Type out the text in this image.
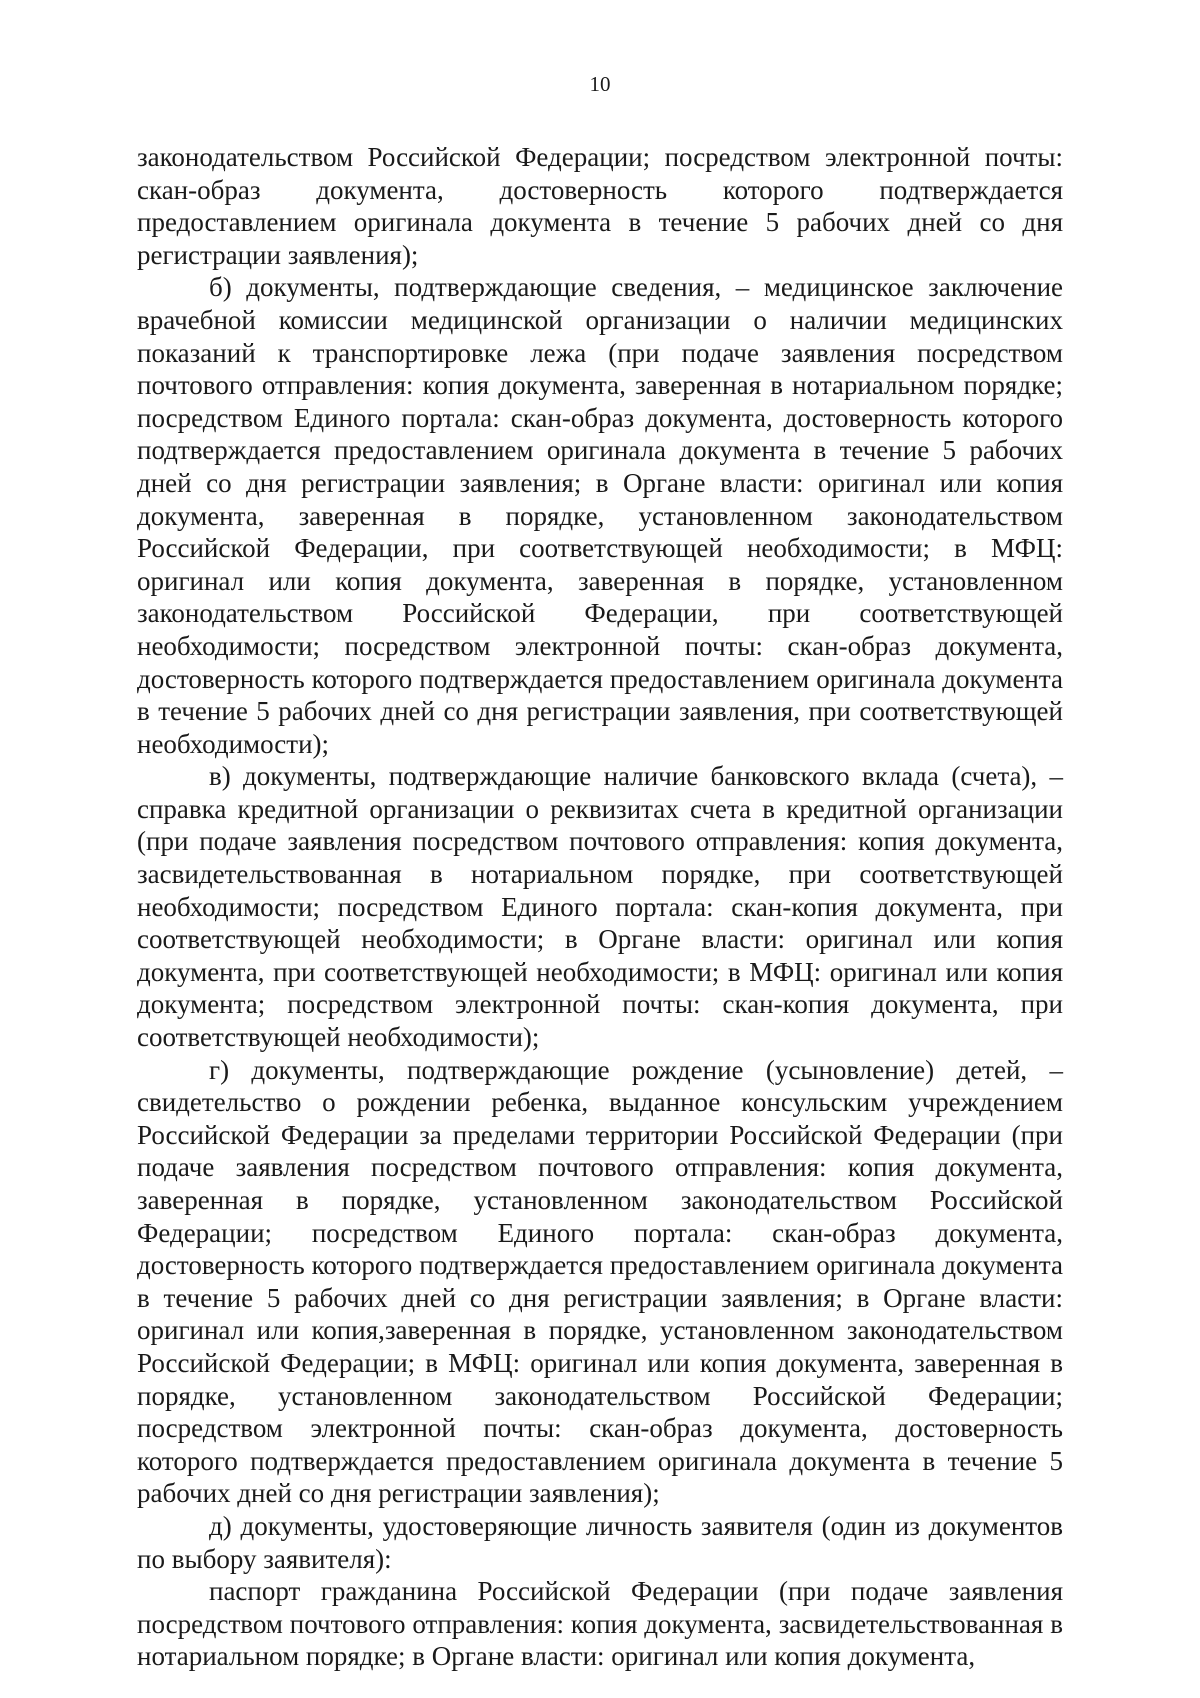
10

законодательством Российской Федерации; посредством электронной почты: скан-образ документа, достоверность которого подтверждается предоставлением оригинала документа в течение 5 рабочих дней со дня регистрации заявления);

б) документы, подтверждающие сведения, – медицинское заключение врачебной комиссии медицинской организации о наличии медицинских показаний к транспортировке лежа (при подаче заявления посредством почтового отправления: копия документа, заверенная в нотариальном порядке; посредством Единого портала: скан-образ документа, достоверность которого подтверждается предоставлением оригинала документа в течение 5 рабочих дней со дня регистрации заявления; в Органе власти: оригинал или копия документа, заверенная в порядке, установленном законодательством Российской Федерации, при соответствующей необходимости; в МФЦ: оригинал или копия документа, заверенная в порядке, установленном законодательством Российской Федерации, при соответствующей необходимости; посредством электронной почты: скан-образ документа, достоверность которого подтверждается предоставлением оригинала документа в течение 5 рабочих дней со дня регистрации заявления, при соответствующей необходимости);

в) документы, подтверждающие наличие банковского вклада (счета), – справка кредитной организации о реквизитах счета в кредитной организации (при подаче заявления посредством почтового отправления: копия документа, засвидетельствованная в нотариальном порядке, при соответствующей необходимости; посредством Единого портала: скан-копия документа, при соответствующей необходимости; в Органе власти: оригинал или копия документа, при соответствующей необходимости; в МФЦ: оригинал или копия документа; посредством электронной почты: скан-копия документа, при соответствующей необходимости);

г) документы, подтверждающие рождение (усыновление) детей, – свидетельство о рождении ребенка, выданное консульским учреждением Российской Федерации за пределами территории Российской Федерации (при подаче заявления посредством почтового отправления: копия документа, заверенная в порядке, установленном законодательством Российской Федерации; посредством Единого портала: скан-образ документа, достоверность которого подтверждается предоставлением оригинала документа в течение 5 рабочих дней со дня регистрации заявления; в Органе власти: оригинал или копия,заверенная в порядке, установленном законодательством Российской Федерации; в МФЦ: оригинал или копия документа, заверенная в порядке, установленном законодательством Российской Федерации; посредством электронной почты: скан-образ документа, достоверность которого подтверждается предоставлением оригинала документа в течение 5 рабочих дней со дня регистрации заявления);

д) документы, удостоверяющие личность заявителя (один из документов по выбору заявителя):

паспорт гражданина Российской Федерации (при подаче заявления посредством почтового отправления: копия документа, засвидетельствованная в нотариальном порядке; в Органе власти: оригинал или копия документа,
